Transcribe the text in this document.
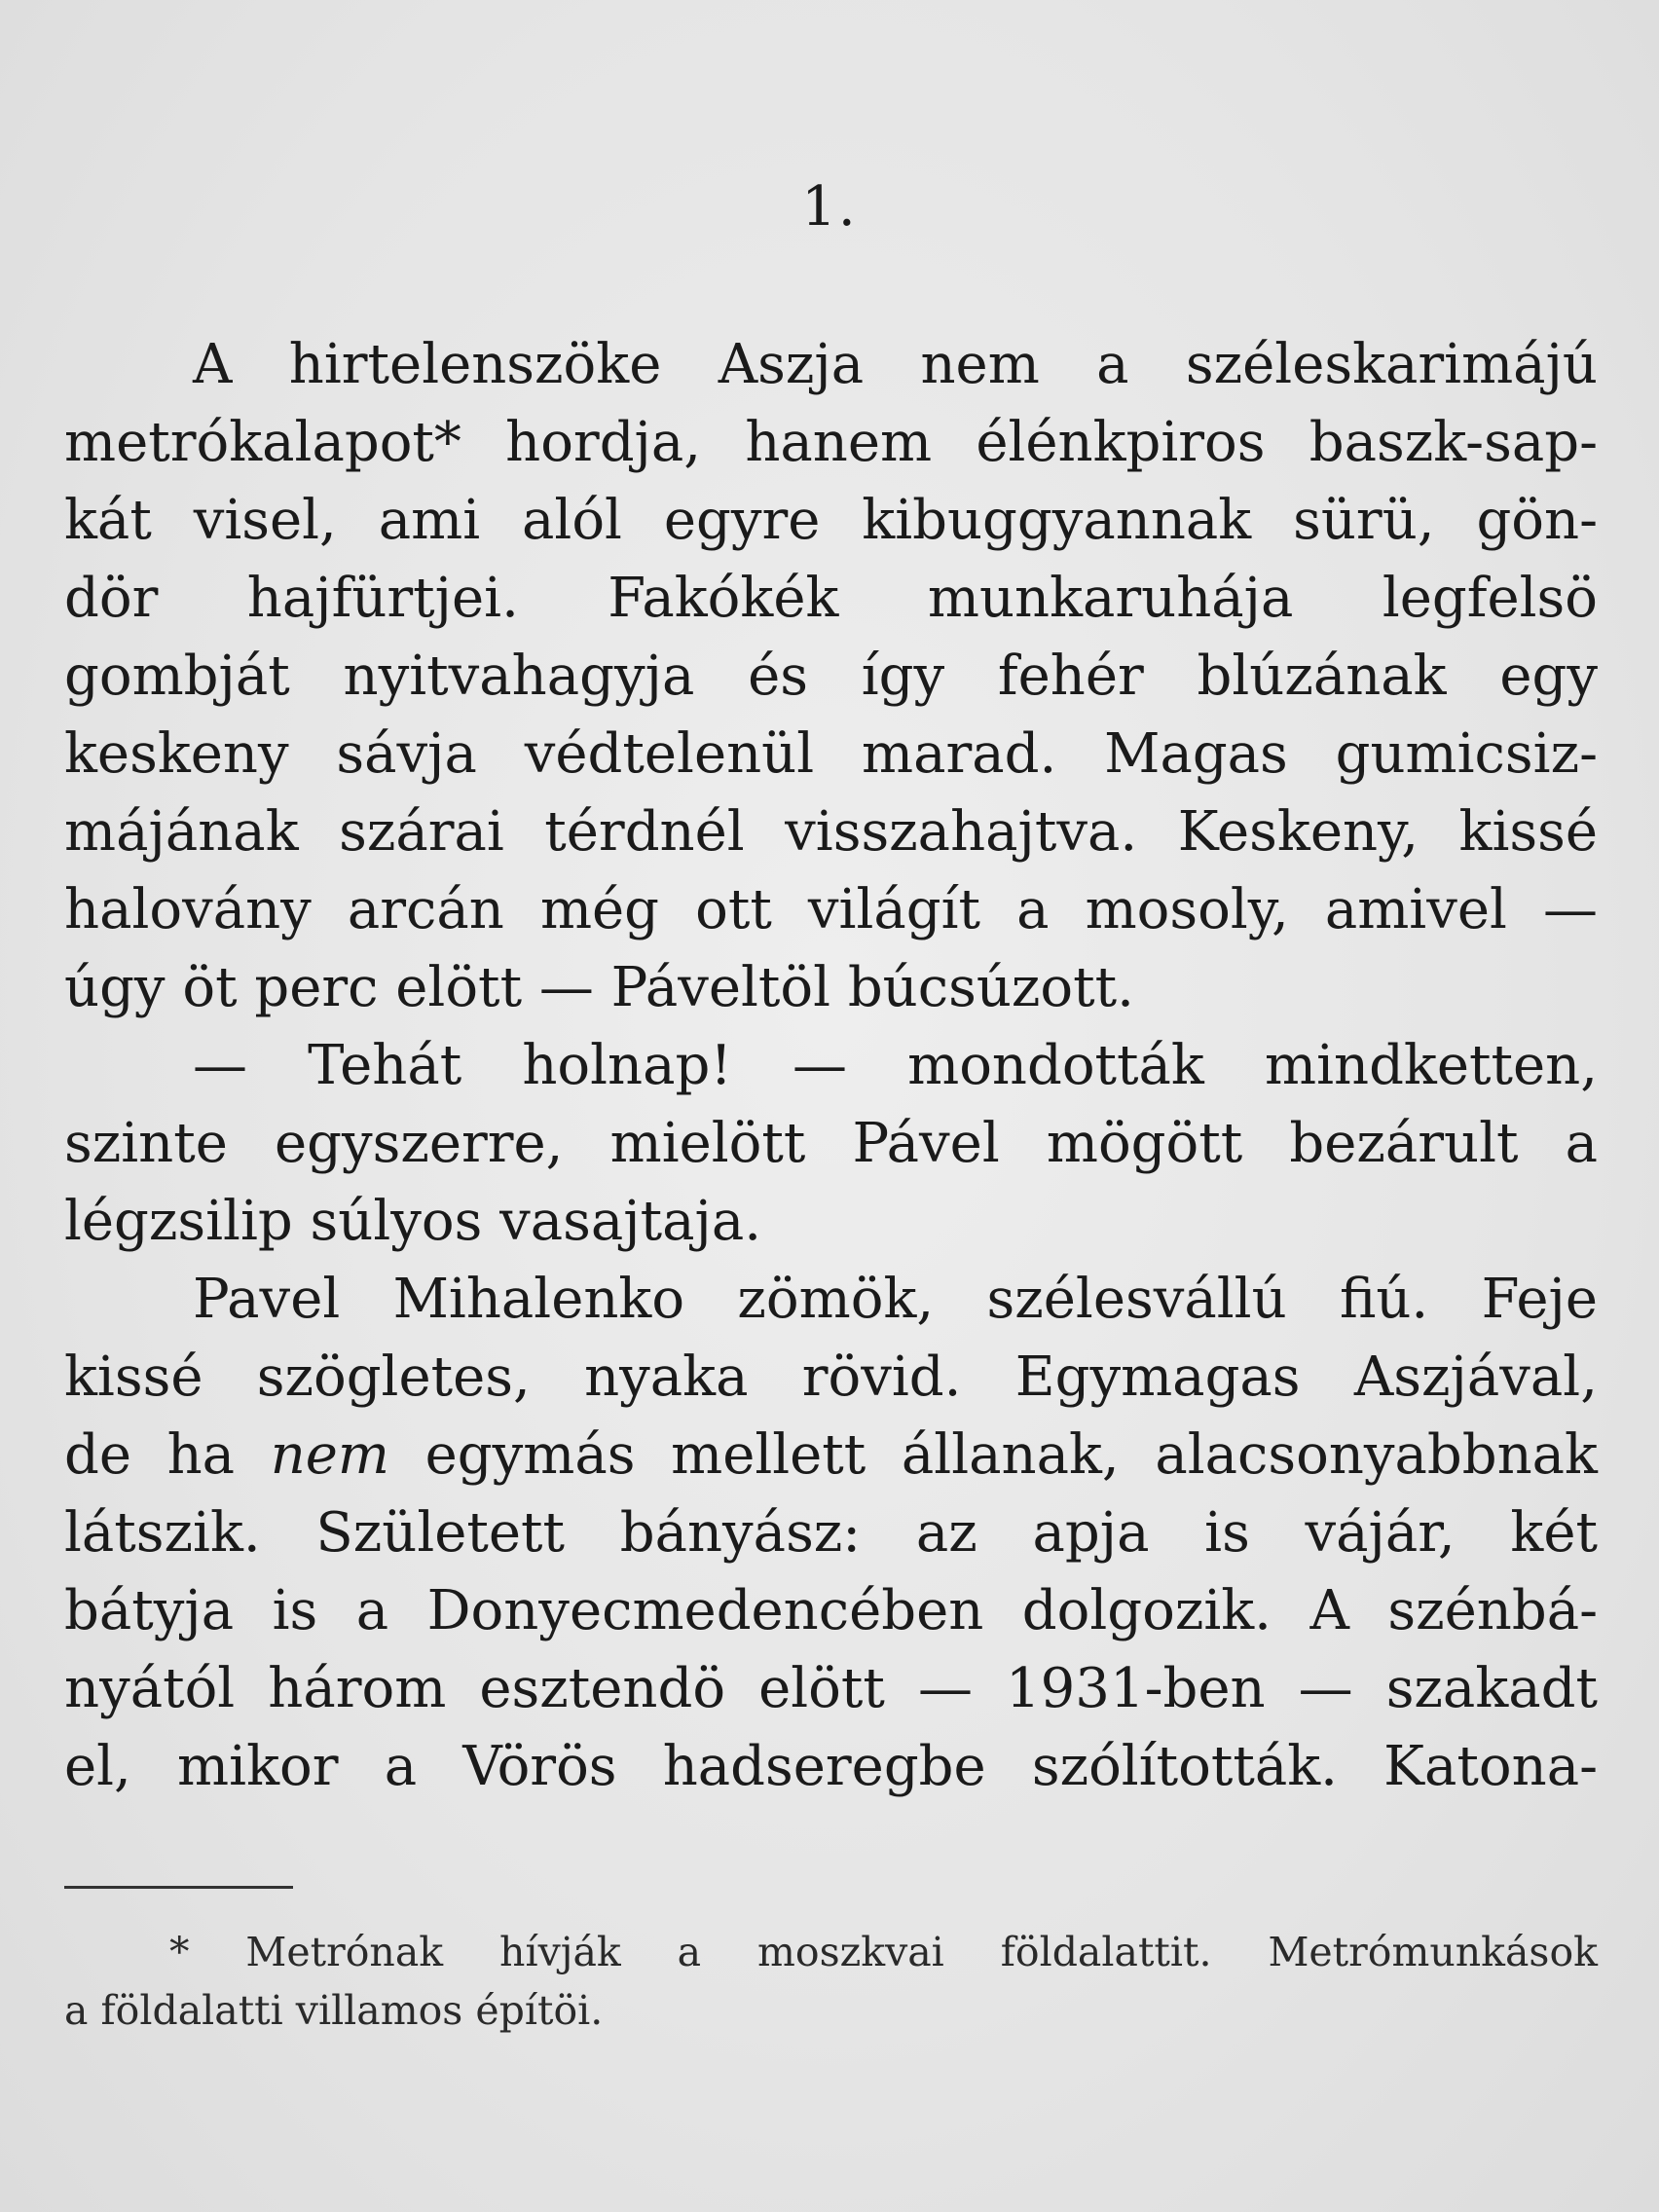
1.
A hirtelenszöke Aszja nem a széleskarimájú
metrókalapot* hordja, hanem élénkpiros baszk-sap-
kát visel, ami alól egyre kibuggyannak sürü, gön-
dör hajfürtjei. Fakókék munkaruhája legfelsö
gombját nyitvahagyja és így fehér blúzának egy
keskeny sávja védtelenül marad. Magas gumicsiz-
májának szárai térdnél visszahajtva. Keskeny, kissé
halovány arcán még ott világít a mosoly, amivel —
úgy öt perc elött — Páveltöl búcsúzott.
— Tehát holnap! — mondották mindketten,
szinte egyszerre, mielött Pável mögött bezárult a
légzsilip súlyos vasajtaja.
Pavel Mihalenko zömök, szélesvállú fiú. Feje
kissé szögletes, nyaka rövid. Egymagas Aszjával,
de ha nem egymás mellett állanak, alacsonyabbnak
látszik. Született bányász: az apja is vájár, két
bátyja is a Donyecmedencében dolgozik. A szénbá-
nyától három esztendö elött — 1931-ben — szakadt
el, mikor a Vörös hadseregbe szólították. Katona-
* Metrónak hívják a moszkvai földalattit. Metrómunkások
a földalatti villamos építöi.
